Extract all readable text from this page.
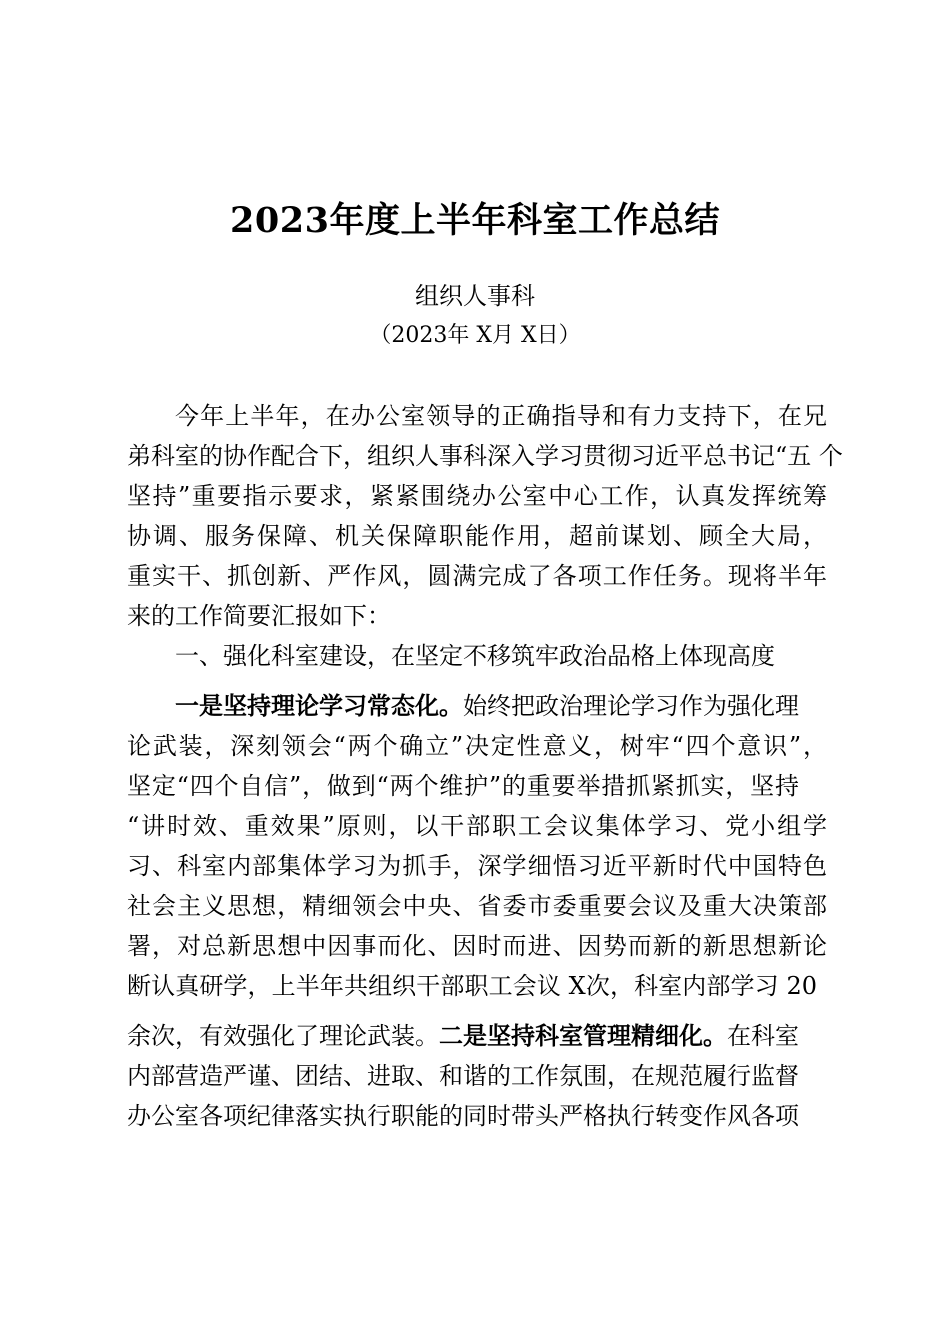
2023年度上半年科室工作总结
组织人事科
（2023年 X月 X日）
今年上半年，在办公室领导的正确指导和有力支持下，在兄
弟科室的协作配合下，组织人事科深入学习贯彻习近平总书记“五 个
坚持”重要指示要求，紧紧围绕办公室中心工作，认真发挥统筹
协调、服务保障、机关保障职能作用，超前谋划、顾全大局，
重实干、抓创新、严作风，圆满完成了各项工作任务。现将半年
来的工作简要汇报如下：
一、强化科室建设，在坚定不移筑牢政治品格上体现高度
一是坚持理论学习常态化。始终把政治理论学习作为强化理
论武装，深刻领会“两个确立”决定性意义，树牢“四个意识”，
坚定“四个自信”，做到“两个维护”的重要举措抓紧抓实，坚持
“讲时效、重效果”原则，以干部职工会议集体学习、党小组学
习、科室内部集体学习为抓手，深学细悟习近平新时代中国特色
社会主义思想，精细领会中央、省委市委重要会议及重大决策部
署，对总新思想中因事而化、因时而进、因势而新的新思想新论
断认真研学，上半年共组织干部职工会议 X次，科室内部学习 20
余次，有效强化了理论武装。二是坚持科室管理精细化。在科室
内部营造严谨、团结、进取、和谐的工作氛围，在规范履行监督
办公室各项纪律落实执行职能的同时带头严格执行转变作风各项
